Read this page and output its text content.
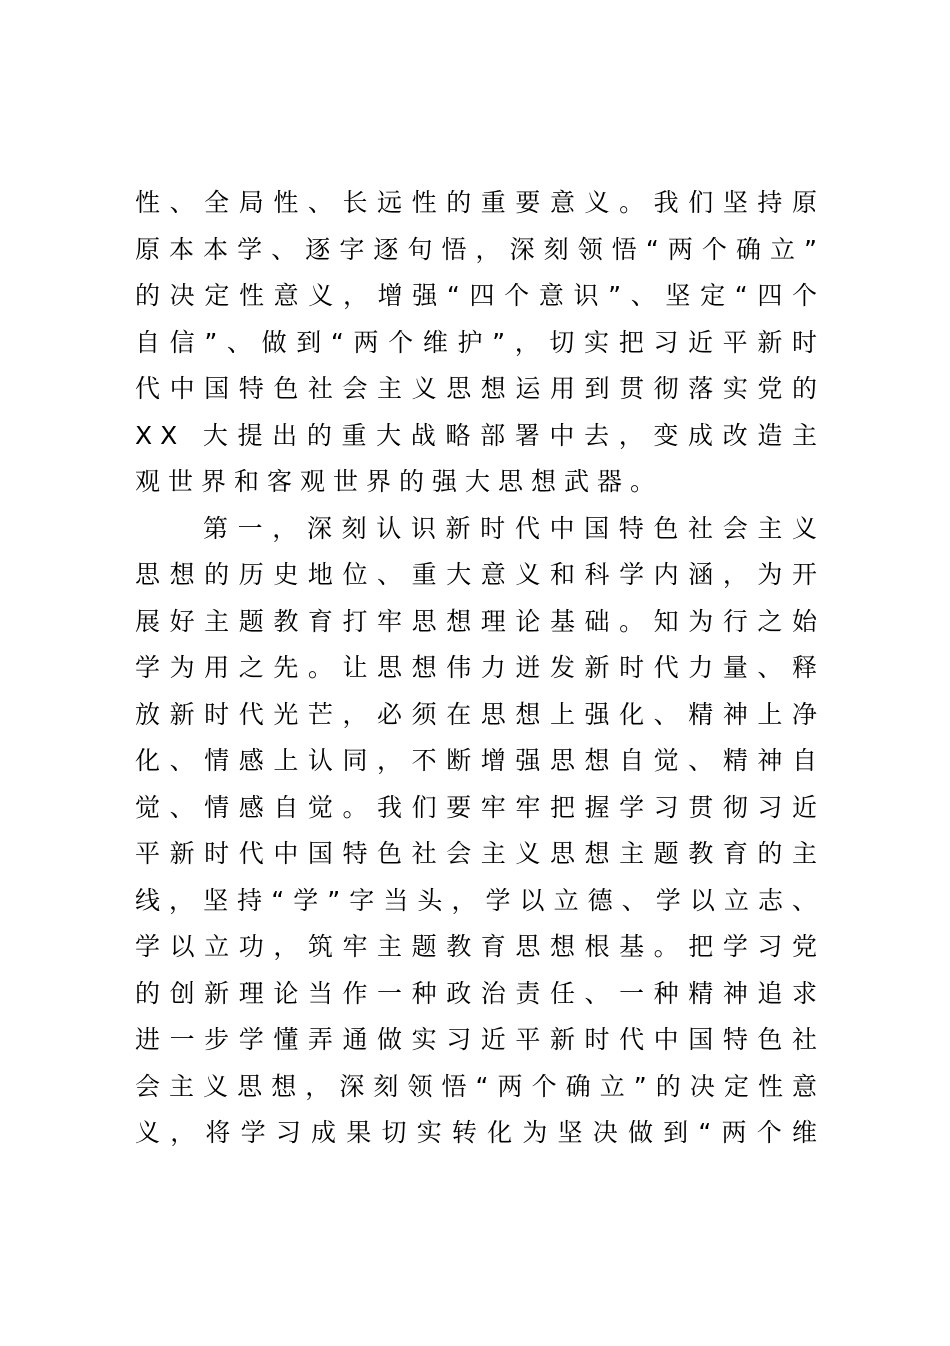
性、全局性、长远性的重要意义。我们坚持原
原本本学、逐字逐句悟，深刻领悟“两个确立”
的决定性意义，增强“四个意识”、坚定“四个
自信”、做到“两个维护”，切实把习近平新时
代中国特色社会主义思想运用到贯彻落实党的
XX 大提出的重大战略部署中去，变成改造主
观世界和客观世界的强大思想武器。
第一，深刻认识新时代中国特色社会主义
思想的历史地位、重大意义和科学内涵，为开
展好主题教育打牢思想理论基础。知为行之始
学为用之先。让思想伟力迸发新时代力量、释
放新时代光芒，必须在思想上强化、精神上净
化、情感上认同，不断增强思想自觉、精神自
觉、情感自觉。我们要牢牢把握学习贯彻习近
平新时代中国特色社会主义思想主题教育的主
线，坚持“学”字当头，学以立德、学以立志、
学以立功，筑牢主题教育思想根基。把学习党
的创新理论当作一种政治责任、一种精神追求
进一步学懂弄通做实习近平新时代中国特色社
会主义思想，深刻领悟“两个确立”的决定性意
义，将学习成果切实转化为坚决做到“两个维
